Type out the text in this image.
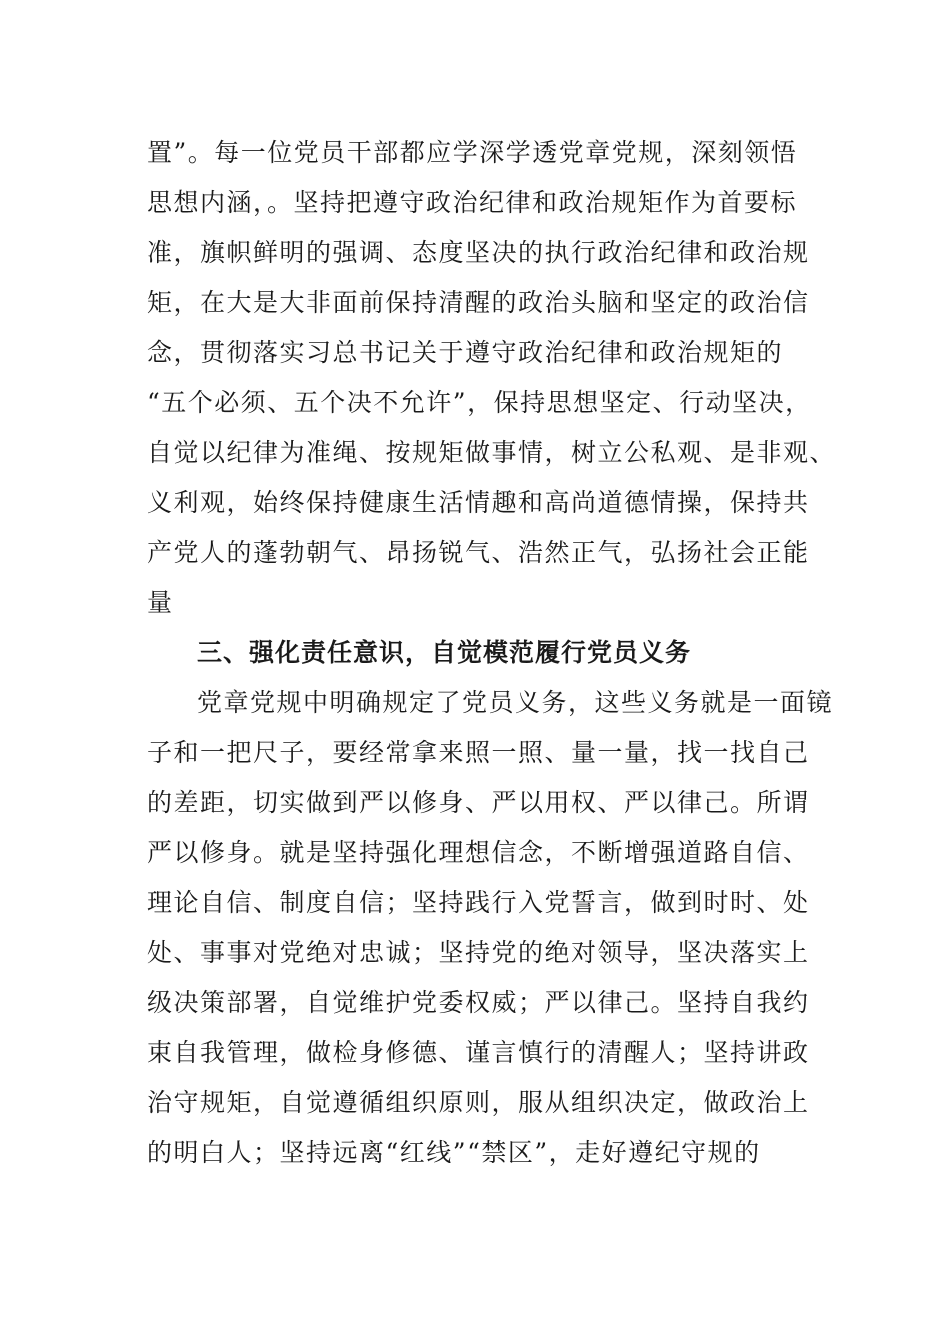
置”。每一位党员干部都应学深学透党章党规，深刻领悟
思想内涵，。坚持把遵守政治纪律和政治规矩作为首要标
准，旗帜鲜明的强调、态度坚决的执行政治纪律和政治规
矩，在大是大非面前保持清醒的政治头脑和坚定的政治信
念，贯彻落实习总书记关于遵守政治纪律和政治规矩的
“五个必须、五个决不允许”，保持思想坚定、行动坚决，
自觉以纪律为准绳、按规矩做事情，树立公私观、是非观、
义利观，始终保持健康生活情趣和高尚道德情操，保持共
产党人的蓬勃朝气、昂扬锐气、浩然正气，弘扬社会正能
量
三、强化责任意识，自觉模范履行党员义务
党章党规中明确规定了党员义务，这些义务就是一面镜
子和一把尺子，要经常拿来照一照、量一量，找一找自己
的差距，切实做到严以修身、严以用权、严以律己。所谓
严以修身。就是坚持强化理想信念，不断增强道路自信、
理论自信、制度自信；坚持践行入党誓言，做到时时、处
处、事事对党绝对忠诚；坚持党的绝对领导，坚决落实上
级决策部署，自觉维护党委权威；严以律己。坚持自我约
束自我管理，做检身修德、谨言慎行的清醒人；坚持讲政
治守规矩，自觉遵循组织原则，服从组织决定，做政治上
的明白人；坚持远离“红线”“禁区”，走好遵纪守规的
